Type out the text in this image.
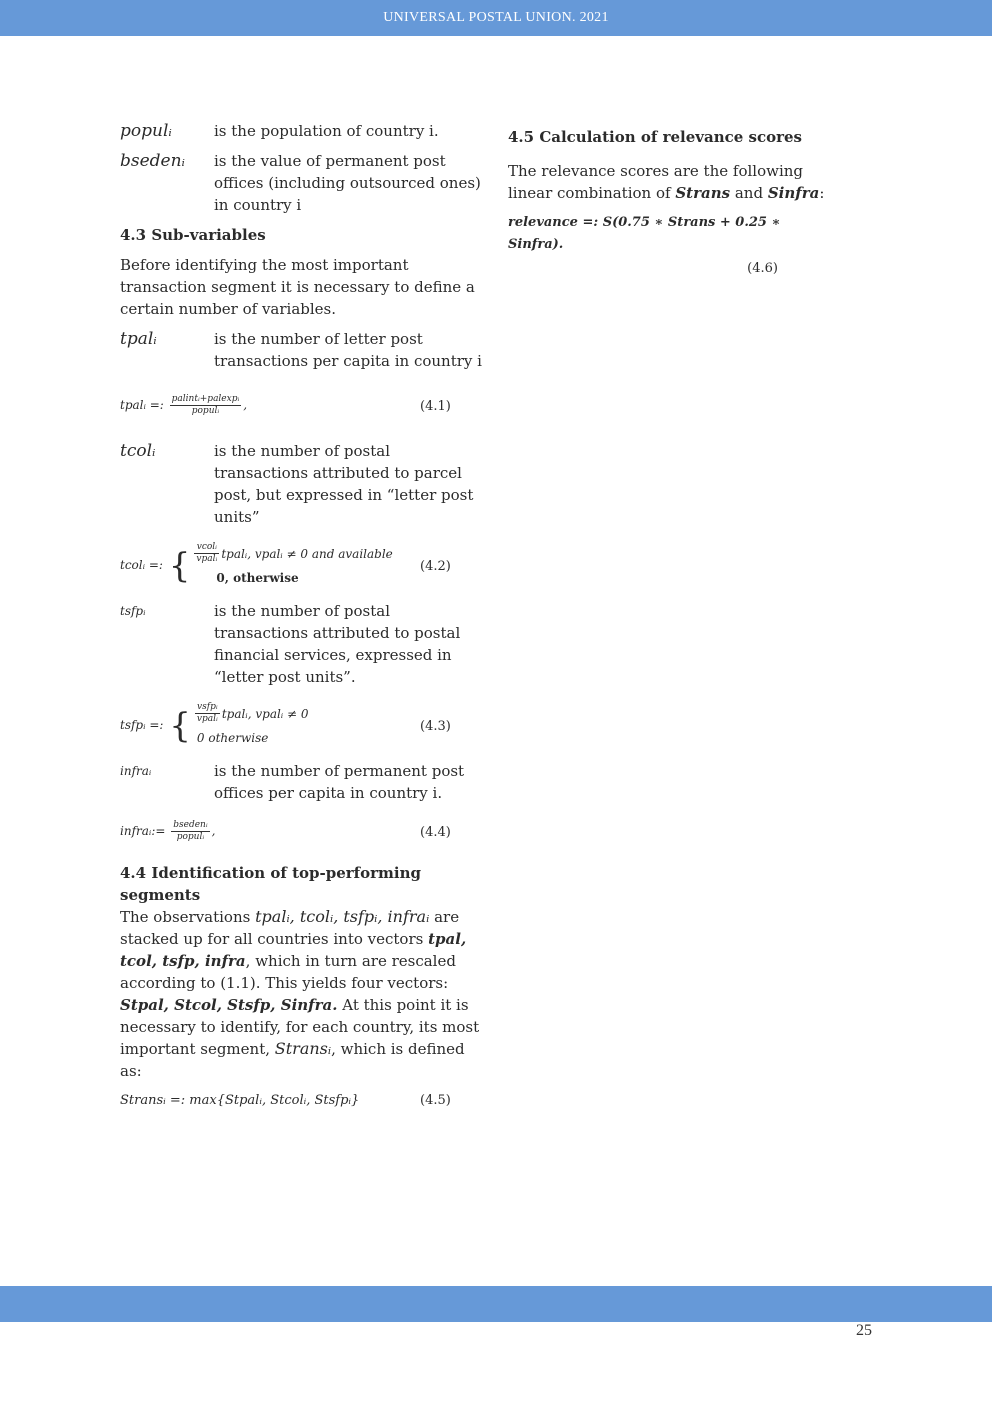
UNIVERSAL POSTAL UNION. 2021
populᵢ	is the population of country i.
bsedenᵢ	is the value of permanent post offices (including outsourced ones) in country i
4.3 Sub-variables

Before identifying the most important transaction segment it is necessary to define a certain number of variables.

tpalᵢ	is the number of letter post transactions per capita in country i
tpalᵢ =: $\frac{\text{palintᵢ+palexpᵢ}}{\text{populᵢ}}$ ,	(4.1)
tcolᵢ	is the number of postal transactions attributed to parcel post, but expressed in “letter post units”
tcolᵢ =: { $\frac{\text{vcolᵢ}}{\text{vpalᵢ}}$ tpalᵢ, vpalᵢ ≠ 0 and available
0, otherwise
(4.2)
tsfpᵢ	is the number of postal transactions attributed to postal financial services, expressed in “letter post units”.
tsfpᵢ =: { $\frac{\text{vsfpᵢ}}{\text{vpalᵢ}}$ tpalᵢ, vpalᵢ ≠ 0
0 otherwise
(4.3)
infraᵢ	is the number of permanent post offices per capita in country i.
infraᵢ:= $\frac{\text{bsedenᵢ}}{\text{populᵢ}}$ ,	(4.4)
4.4 Identification of top-performing segments

The observations tpalᵢ, tcolᵢ, tsfpᵢ, infraᵢ are stacked up for all countries into vectors tpal, tcol, tsfp, infra, which in turn are rescaled according to (1.1). This yields four vectors: Stpal, Stcol, Stsfp, Sinfra. At this point it is necessary to identify, for each country, its most important segment, Stransᵢ, which is defined as:

Stransᵢ =: max{Stpalᵢ, Stcolᵢ, Stsfpᵢ}	(4.5)
4.5 Calculation of relevance scores

The relevance scores are the following linear combination of Strans and Sinfra:

relevance =: S(0.75 ∗ Strans + 0.25 ∗ Sinfra).
(4.6)
25
